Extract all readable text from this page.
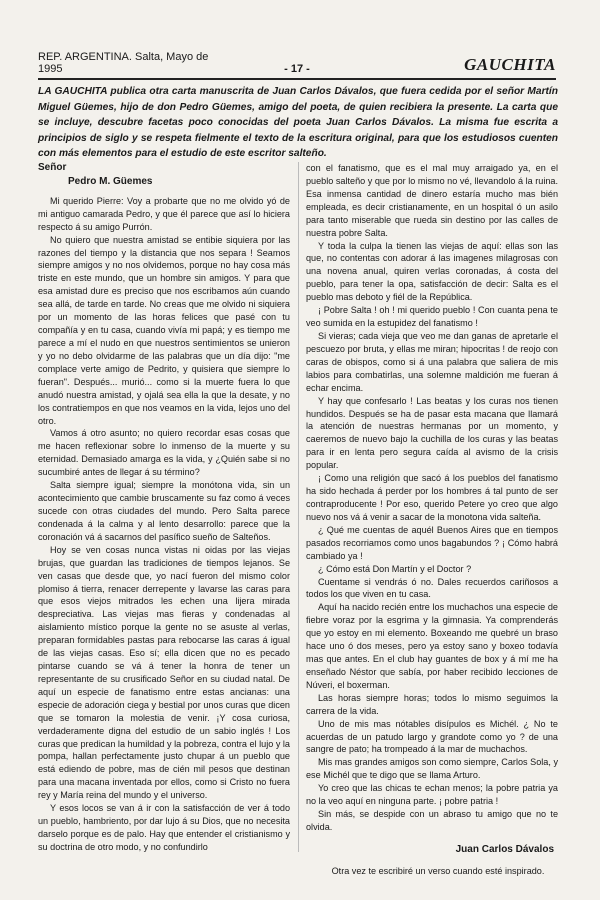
REP. ARGENTINA. Salta, Mayo de 1995	- 17 -	GAUCHITA

LA GAUCHITA publica otra carta manuscrita de Juan Carlos Dávalos, que fuera cedida por el señor Martín Miguel Güemes, hijo de don Pedro Güemes, amigo del poeta, de quien recibiera la presente. La carta que se incluye, descubre facetas poco conocidas del poeta Juan Carlos Dávalos. La misma fue escrita a principios de siglo y se respeta fielmente el texto de la escritura original, para que los estudiosos cuenten con más elementos para el estudio de este escritor salteño.

Señor
Pedro M. Güemes

Mi querido Pierre: Voy a probarte que no me olvido yó de mi antiguo camarada Pedro, y que él parece que así lo hiciera respecto á su amigo Purrón.

No quiero que nuestra amistad se entibie siquiera por las razones del tiempo y la distancia que nos separa ! Seamos siempre amigos y no nos olvidemos, porque no hay cosa más triste en este mundo, que un hombre sin amigos. Y para que esa amistad dure es preciso que nos escribamos aún cuando sea allá, de tarde en tarde. No creas que me olvido ni siquiera por un momento de las horas felices que pasé con tu compañía y en tu casa, cuando vivía mi papá; y es tiempo me parece a mí el nudo en que nuestros sentimientos se unieron y yo no debo olvidarme de las palabras que un día dijo: "me complace verte amigo de Pedrito, y quisiera que siempre lo fueran". Después... murió... como si la muerte fuera lo que anudó nuestra amistad, y ojalá sea ella la que la desate, y no los contratiempos en que nos veamos en la vida, lejos uno del otro.

Vamos á otro asunto; no quiero recordar esas cosas que me hacen reflexionar sobre lo inmenso de la muerte y su eternidad. Demasiado amarga es la vida, y ¿Quién sabe si no sucumbiré antes de llegar á su término?

Salta siempre igual; siempre la monótona vida, sin un acontecimiento que cambie bruscamente su faz como á veces sucede con otras ciudades del mundo. Pero Salta parece condenada á la calma y al lento desarrollo: parece que la coronación vá á sacarnos del pasífico sueño de Salteños.

Hoy se ven cosas nunca vistas ni oidas por las viejas brujas, que guardan las tradiciones de tiempos lejanos. Se ven casas que desde que, yo nací fueron del mismo color plomiso á tierra, renacer derrepente y lavarse las caras para que esos viejos mitrados les echen una lijera mirada despreciativa. Las viejas mas fieras y condenadas al aislamiento místico porque la gente no se asuste al verlas, preparan formidables pastas para rebocarse las caras á igual de las viejas casas. Eso sí; ella dicen que no es pecado pintarse cuando se vá á tener la honra de tener un representante de su crusificado Señor en su ciudad natal. De aquí un especie de fanatismo entre estas ancianas: una especie de adoración ciega y bestial por unos curas que dicen que se tomaron la molestia de venir. ¡Y cosa curiosa, verdaderamente digna del estudio de un sabio inglés ! Los curas que predican la humildad y la pobreza, contra el lujo y la pompa, hallan perfectamente justo chupar á un pueblo que está ediendo de pobre, mas de cién mil pesos que destinan para una macana inventada por ellos, como si Cristo no fuera rey y María reina del mundo y el universo.

Y esos locos se van á ir con la satisfacción de ver á todo un pueblo, hambriento, por dar lujo á su Dios, que no necesita darselo porque es de palo. Hay que entender el cristianismo y su doctrina de otro modo, y no confundirlo

con el fanatismo, que es el mal muy arraigado ya, en el pueblo salteño y que por lo mismo no vé, llevandolo á la ruina. Esa inmensa cantidad de dinero estaría mucho mas bién empleada, es decir cristianamente, en un hospital ó un asilo para tanto miserable que rueda sin destino por las calles de nuestra pobre Salta.

Y toda la culpa la tienen las viejas de aquí: ellas son las que, no contentas con adorar á las imagenes milagrosas con una novena anual, quiren verlas coronadas, á costa del pueblo, para tener la opa, satisfacción de decir: Salta es el pueblo mas deboto y fiél de la República.

¡ Pobre Salta ! oh ! mi querido pueblo ! Con cuanta pena te veo sumida en la estupidez del fanatismo !

Si vieras; cada vieja que veo me dan ganas de apretarle el pescuezo por bruta, y ellas me miran; hipocritas ! de reojo con caras de obispos, como si á una palabra que saliera de mis labios para combatirlas, una solemne maldición me fueran á echar encima.

Y hay que confesarlo ! Las beatas y los curas nos tienen hundidos. Después se ha de pasar esta macana que llamará la atención de nuestras hermanas por un momento, y caeremos de nuevo bajo la cuchilla de los curas y las beatas para ir en lenta pero segura caída al avismo de la crisis popular.

¡ Como una religión que sacó á los pueblos del fanatismo ha sido hechada á perder por los hombres á tal punto de ser contraproducente ! Por eso, querido Petere yo creo que algo nuevo nos vá á venir a sacar de la monotona vida salteña.

¿ Qué me cuentas de aquél Buenos Aires que en tiempos pasados recorriamos como unos bagabundos ? ¡ Cómo habrá cambiado ya !

¿ Cómo está Don Martín y el Doctor ?

Cuentame si vendrás ó no. Dales recuerdos cariñosos a todos los que viven en tu casa.

Aquí ha nacido recién entre los muchachos una especie de fiebre voraz por la esgrima y la gimnasia. Ya comprenderás que yo estoy en mi elemento. Boxeando me quebré un braso hace uno ó dos meses, pero ya estoy sano y boxeo todavía mas que antes. En el club hay guantes de box y á mí me ha enseñado Néstor que sabía, por haber recibido lecciones de Núveri, el boxerman.

Las horas siempre horas; todos lo mismo seguimos la carrera de la vida.

Uno de mis mas nótables disípulos es Michél. ¿ No te acuerdas de un patudo largo y grandote como yo ? de una sangre de pato; ha trompeado á la mar de muchachos.

Mis mas grandes amigos son como siempre, Carlos Sola, y ese Michél que te digo que se llama Arturo.

Yo creo que las chicas te echan menos; la pobre patria ya no la veo aquí en ninguna parte. ¡ pobre patria !

Sin más, se despide con un abraso tu amigo que no te olvida.

Juan Carlos Dávalos

Otra vez te escribiré un verso cuando esté inspirado.
